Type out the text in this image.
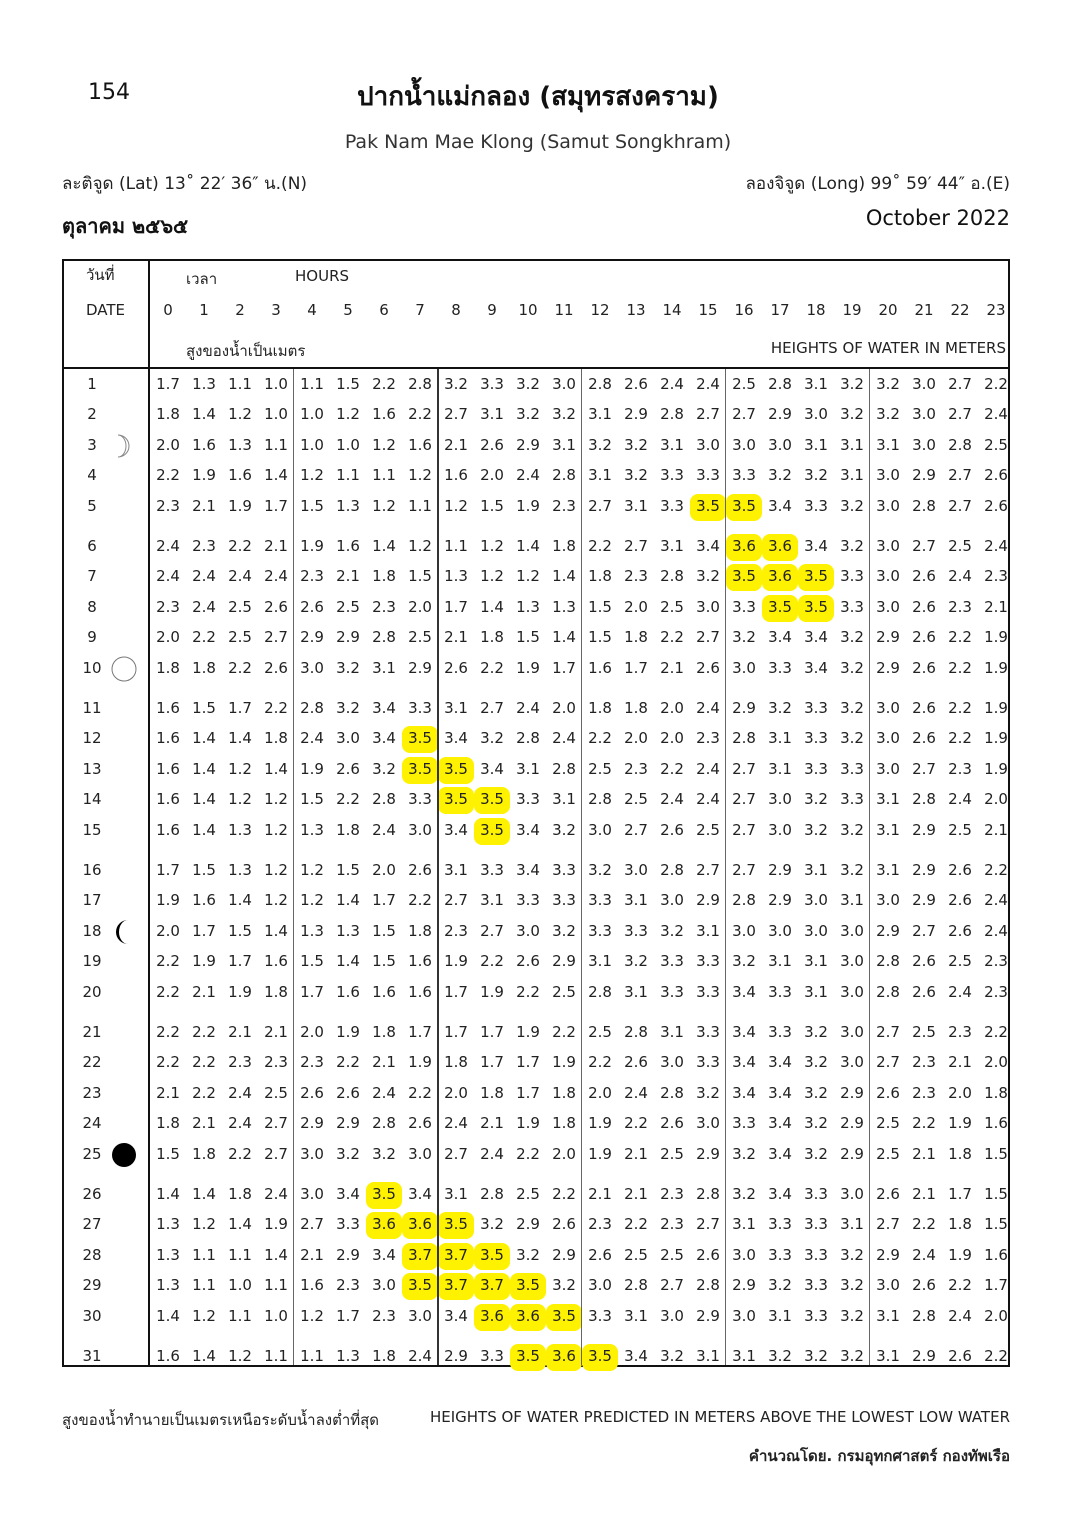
154	ปากน้ำแม่กลอง (สมุทรสงคราม)
Pak Nam Mae Klong (Samut Songkhram)
ละติจูด (Lat) 13˚ 22′ 36″ น.(N)	ลองจิจูด (Long) 99˚ 59′ 44″ อ.(E)
ตุลาคม ๒๕๖๕	October 2022
1	1.7 1.3 1.1 1.0 1.1 1.5 2.2 2.8 3.2 3.3 3.2 3.0 2.8 2.6 2.4 2.4 2.5 2.8 3.1 3.2 3.2 3.0 2.7 2.2
2	1.8 1.4 1.2 1.0 1.0 1.2 1.6 2.2 2.7 3.1 3.2 3.2 3.1 2.9 2.8 2.7 2.7 2.9 3.0 3.2 3.2 3.0 2.7 2.4
3	2.0 1.6 1.3 1.1 1.0 1.0 1.2 1.6 2.1 2.6 2.9 3.1 3.2 3.2 3.1 3.0 3.0 3.0 3.1 3.1 3.1 3.0 2.8 2.5
4	2.2 1.9 1.6 1.4 1.2 1.1 1.1 1.2 1.6 2.0 2.4 2.8 3.1 3.2 3.3 3.3 3.3 3.2 3.2 3.1 3.0 2.9 2.7 2.6
5	2.3 2.1 1.9 1.7 1.5 1.3 1.2 1.1 1.2 1.5 1.9 2.3 2.7 3.1 3.3 3.5 3.5 3.4 3.3 3.2 3.0 2.8 2.7 2.6
6	2.4 2.3 2.2 2.1 1.9 1.6 1.4 1.2 1.1 1.2 1.4 1.8 2.2 2.7 3.1 3.4 3.6 3.6 3.4 3.2 3.0 2.7 2.5 2.4
7	2.4 2.4 2.4 2.4 2.3 2.1 1.8 1.5 1.3 1.2 1.2 1.4 1.8 2.3 2.8 3.2 3.5 3.6 3.5 3.3 3.0 2.6 2.4 2.3
8	2.3 2.4 2.5 2.6 2.6 2.5 2.3 2.0 1.7 1.4 1.3 1.3 1.5 2.0 2.5 3.0 3.3 3.5 3.5 3.3 3.0 2.6 2.3 2.1
9	2.0 2.2 2.5 2.7 2.9 2.9 2.8 2.5 2.1 1.8 1.5 1.4 1.5 1.8 2.2 2.7 3.2 3.4 3.4 3.2 2.9 2.6 2.2 1.9
10	1.8 1.8 2.2 2.6 3.0 3.2 3.1 2.9 2.6 2.2 1.9 1.7 1.6 1.7 2.1 2.6 3.0 3.3 3.4 3.2 2.9 2.6 2.2 1.9
11	1.6 1.5 1.7 2.2 2.8 3.2 3.4 3.3 3.1 2.7 2.4 2.0 1.8 1.8 2.0 2.4 2.9 3.2 3.3 3.2 3.0 2.6 2.2 1.9
12	1.6 1.4 1.4 1.8 2.4 3.0 3.4 3.5 3.4 3.2 2.8 2.4 2.2 2.0 2.0 2.3 2.8 3.1 3.3 3.2 3.0 2.6 2.2 1.9
13	1.6 1.4 1.2 1.4 1.9 2.6 3.2 3.5 3.5 3.4 3.1 2.8 2.5 2.3 2.2 2.4 2.7 3.1 3.3 3.3 3.0 2.7 2.3 1.9
14	1.6 1.4 1.2 1.2 1.5 2.2 2.8 3.3 3.5 3.5 3.3 3.1 2.8 2.5 2.4 2.4 2.7 3.0 3.2 3.3 3.1 2.8 2.4 2.0
15	1.6 1.4 1.3 1.2 1.3 1.8 2.4 3.0 3.4 3.5 3.4 3.2 3.0 2.7 2.6 2.5 2.7 3.0 3.2 3.2 3.1 2.9 2.5 2.1
16	1.7 1.5 1.3 1.2 1.2 1.5 2.0 2.6 3.1 3.3 3.4 3.3 3.2 3.0 2.8 2.7 2.7 2.9 3.1 3.2 3.1 2.9 2.6 2.2
17	1.9 1.6 1.4 1.2 1.2 1.4 1.7 2.2 2.7 3.1 3.3 3.3 3.3 3.1 3.0 2.9 2.8 2.9 3.0 3.1 3.0 2.9 2.6 2.4
18	2.0 1.7 1.5 1.4 1.3 1.3 1.5 1.8 2.3 2.7 3.0 3.2 3.3 3.3 3.2 3.1 3.0 3.0 3.0 3.0 2.9 2.7 2.6 2.4
19	2.2 1.9 1.7 1.6 1.5 1.4 1.5 1.6 1.9 2.2 2.6 2.9 3.1 3.2 3.3 3.3 3.2 3.1 3.1 3.0 2.8 2.6 2.5 2.3
20	2.2 2.1 1.9 1.8 1.7 1.6 1.6 1.6 1.7 1.9 2.2 2.5 2.8 3.1 3.3 3.3 3.4 3.3 3.1 3.0 2.8 2.6 2.4 2.3
21	2.2 2.2 2.1 2.1 2.0 1.9 1.8 1.7 1.7 1.7 1.9 2.2 2.5 2.8 3.1 3.3 3.4 3.3 3.2 3.0 2.7 2.5 2.3 2.2
22	2.2 2.2 2.3 2.3 2.3 2.2 2.1 1.9 1.8 1.7 1.7 1.9 2.2 2.6 3.0 3.3 3.4 3.4 3.2 3.0 2.7 2.3 2.1 2.0
23	2.1 2.2 2.4 2.5 2.6 2.6 2.4 2.2 2.0 1.8 1.7 1.8 2.0 2.4 2.8 3.2 3.4 3.4 3.2 2.9 2.6 2.3 2.0 1.8
24	1.8 2.1 2.4 2.7 2.9 2.9 2.8 2.6 2.4 2.1 1.9 1.8 1.9 2.2 2.6 3.0 3.3 3.4 3.2 2.9 2.5 2.2 1.9 1.6
25	1.5 1.8 2.2 2.7 3.0 3.2 3.2 3.0 2.7 2.4 2.2 2.0 1.9 2.1 2.5 2.9 3.2 3.4 3.2 2.9 2.5 2.1 1.8 1.5
26	1.4 1.4 1.8 2.4 3.0 3.4 3.5 3.4 3.1 2.8 2.5 2.2 2.1 2.1 2.3 2.8 3.2 3.4 3.3 3.0 2.6 2.1 1.7 1.5
27	1.3 1.2 1.4 1.9 2.7 3.3 3.6 3.6 3.5 3.2 2.9 2.6 2.3 2.2 2.3 2.7 3.1 3.3 3.3 3.1 2.7 2.2 1.8 1.5
28	1.3 1.1 1.1 1.4 2.1 2.9 3.4 3.7 3.7 3.5 3.2 2.9 2.6 2.5 2.5 2.6 3.0 3.3 3.3 3.2 2.9 2.4 1.9 1.6
29	1.3 1.1 1.0 1.1 1.6 2.3 3.0 3.5 3.7 3.7 3.5 3.2 3.0 2.8 2.7 2.8 2.9 3.2 3.3 3.2 3.0 2.6 2.2 1.7
30	1.4 1.2 1.1 1.0 1.2 1.7 2.3 3.0 3.4 3.6 3.6 3.5 3.3 3.1 3.0 2.9 3.0 3.1 3.3 3.2 3.1 2.8 2.4 2.0
31	1.6 1.4 1.2 1.1 1.1 1.3 1.8 2.4 2.9 3.3 3.5 3.6 3.5 3.4 3.2 3.1 3.1 3.2 3.2 3.2 3.1 2.9 2.6 2.2
วันที่
DATE
เวลา	HOURS
สูงของน้ำเป็นเมตร	HEIGHTS OF WATER IN METERS
0	1	2	3	4	5	6	7	8	9	10	11	12	13	14	15	16	17	18	19	20	21	22	23
สูงของน้ำทำนายเป็นเมตรเหนือระดับน้ำลงต่ำที่สุด	HEIGHTS OF WATER PREDICTED IN METERS ABOVE THE LOWEST LOW WATER
คำนวณโดย. กรมอุทกศาสตร์ กองทัพเรือ
